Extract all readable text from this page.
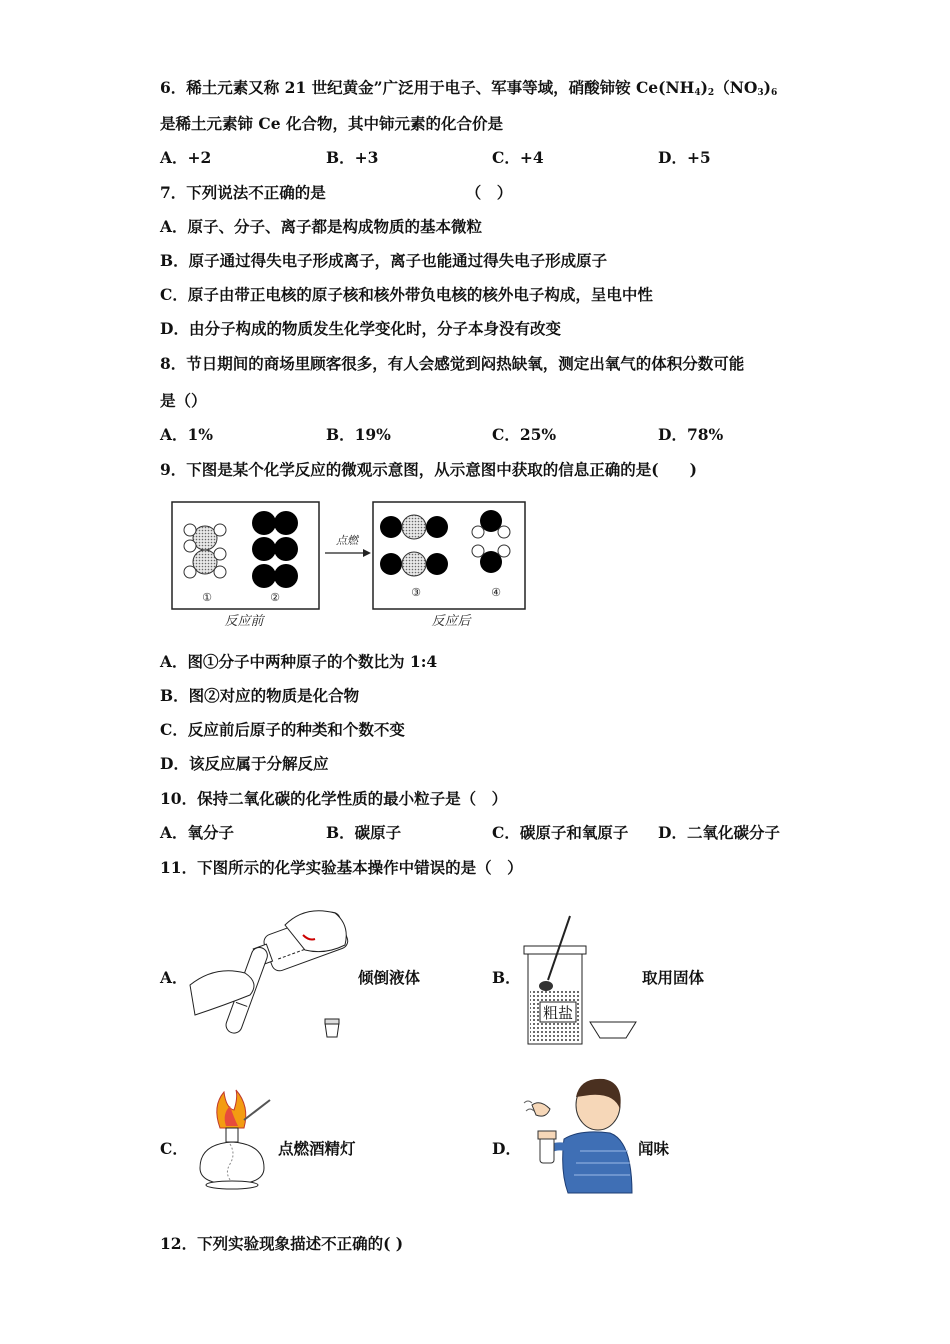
6．稀土元素又称 21 世纪黄金”广泛用于电子、军事等域，硝酸铈铵 $Ce(NH_4)_2(NO_3)_6$
是稀土元素铈 Ce 化合物，其中铈元素的化合价是
A．+2	B．+3	C．+4	D．+5
7．下列说法不正确的是	（　）
A．原子、分子、离子都是构成物质的基本微粒
B．原子通过得失电子形成离子，离子也能通过得失电子形成原子
C．原子由带正电核的原子核和核外带负电核的核外电子构成，呈电中性
D．由分子构成的物质发生化学变化时，分子本身没有改变
8．节日期间的商场里顾客很多，有人会感觉到闷热缺氧，测定出氧气的体积分数可能
是（）
A．1%	B．19%	C．25%	D．78%
9．下图是某个化学反应的微观示意图，从示意图中获取的信息正确的是(　　)
①	②
反应前
点燃
③	④
反应后
A．图①分子中两种原子的个数比为 1:4
B．图②对应的物质是化合物
C．反应前后原子的种类和个数不变
D．该反应属于分解反应
10．保持二氧化碳的化学性质的最小粒子是（　）
A．氧分子	B．碳原子	C．碳原子和氧原子 D．二氧化碳分子
11．下图所示的化学实验基本操作中错误的是（　）
A．	倾倒液体	B．
粗盐
取用固体
C．	点燃酒精灯	D．	闻味
12．下列实验现象描述不正确的( )
